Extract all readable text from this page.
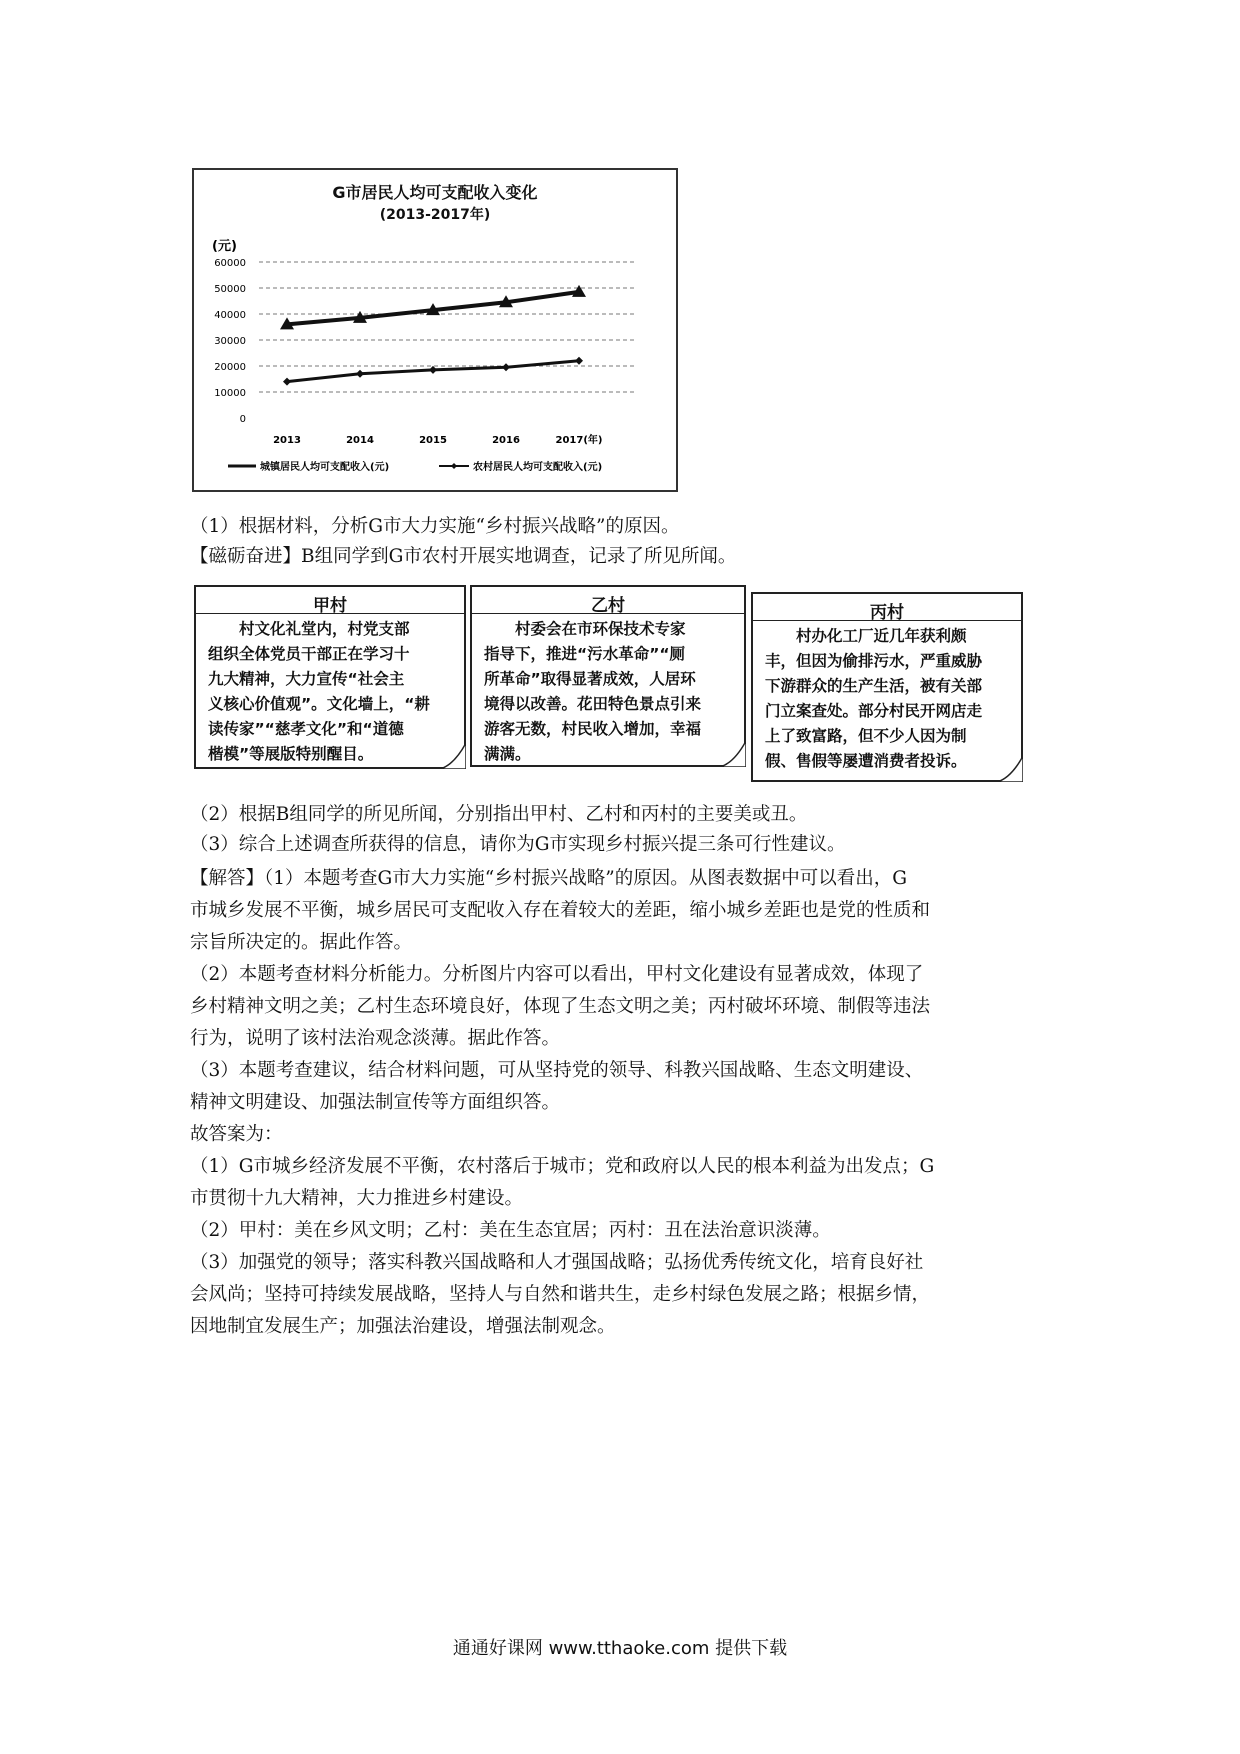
G市居民人均可支配收入变化
(2013-2017年)
(元)
60000
50000
40000
30000
20000
10000
0
2013	2014	2015	2016	2017(年)
城镇居民人均可支配收入(元)	农村居民人均可支配收入(元)
（1）根据材料，分析G市大力实施“乡村振兴战略”的原因。
【磁砺奋进】B组同学到G市农村开展实地调查，记录了所见所闻。
甲村
村文化礼堂内，村党支部
组织全体党员干部正在学习十
九大精神，大力宣传“社会主
义核心价值观”。文化墙上，“耕
读传家”“慈孝文化”和“道德
楷模”等展版特别醒目。
乙村
村委会在市环保技术专家
指导下，推进“污水革命”“厕
所革命”取得显著成效，人居环
境得以改善。花田特色景点引来
游客无数，村民收入增加，幸福
满满。
丙村
村办化工厂近几年获利颇
丰，但因为偷排污水，严重威胁
下游群众的生产生活，被有关部
门立案查处。部分村民开网店走
上了致富路，但不少人因为制
假、售假等屡遭消费者投诉。
（2）根据B组同学的所见所闻，分别指出甲村、乙村和丙村的主要美或丑。
（3）综合上述调查所获得的信息，请你为G市实现乡村振兴提三条可行性建议。
【解答】（1）本题考查G市大力实施“乡村振兴战略”的原因。从图表数据中可以看出，G
市城乡发展不平衡，城乡居民可支配收入存在着较大的差距，缩小城乡差距也是党的性质和
宗旨所决定的。据此作答。
（2）本题考查材料分析能力。分析图片内容可以看出，甲村文化建设有显著成效，体现了
乡村精神文明之美；乙村生态环境良好，体现了生态文明之美；丙村破坏环境、制假等违法
行为，说明了该村法治观念淡薄。据此作答。
（3）本题考查建议，结合材料问题，可从坚持党的领导、科教兴国战略、生态文明建设、
精神文明建设、加强法制宣传等方面组织答。
故答案为：
（1）G市城乡经济发展不平衡，农村落后于城市；党和政府以人民的根本利益为出发点；G
市贯彻十九大精神，大力推进乡村建设。
（2）甲村：美在乡风文明；乙村：美在生态宜居；丙村：丑在法治意识淡薄。
（3）加强党的领导；落实科教兴国战略和人才强国战略；弘扬优秀传统文化，培育良好社
会风尚；坚持可持续发展战略，坚持人与自然和谐共生，走乡村绿色发展之路；根据乡情，
因地制宜发展生产；加强法治建设，增强法制观念。
通通好课网 www.tthaoke.com 提供下载
